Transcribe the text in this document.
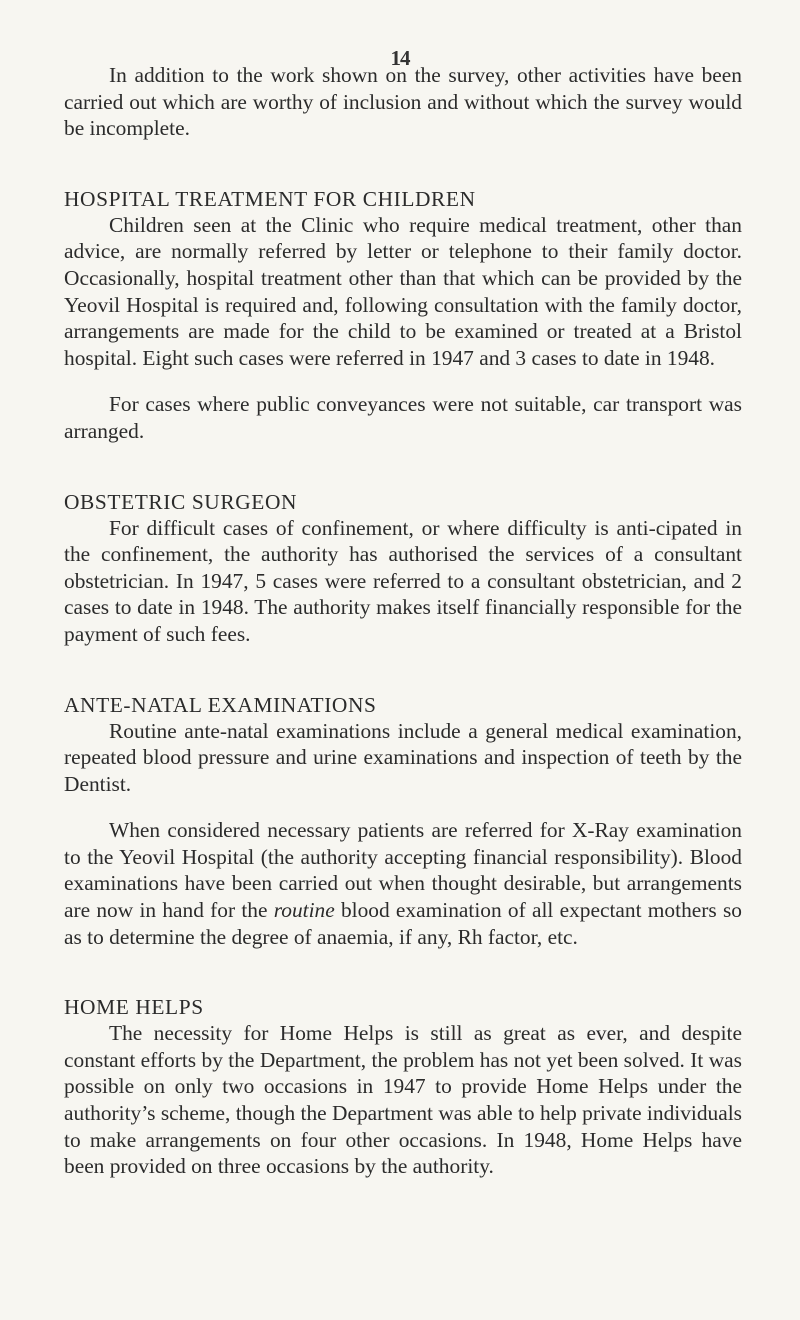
14

In addition to the work shown on the survey, other activities have been carried out which are worthy of inclusion and without which the survey would be incomplete.

HOSPITAL TREATMENT FOR CHILDREN

Children seen at the Clinic who require medical treatment, other than advice, are normally referred by letter or telephone to their family doctor. Occasionally, hospital treatment other than that which can be provided by the Yeovil Hospital is required and, following consultation with the family doctor, arrangements are made for the child to be examined or treated at a Bristol hospital. Eight such cases were referred in 1947 and 3 cases to date in 1948.

For cases where public conveyances were not suitable, car transport was arranged.

OBSTETRIC SURGEON

For difficult cases of confinement, or where difficulty is anti-cipated in the confinement, the authority has authorised the services of a consultant obstetrician. In 1947, 5 cases were referred to a consultant obstetrician, and 2 cases to date in 1948. The authority makes itself financially responsible for the payment of such fees.

ANTE-NATAL EXAMINATIONS

Routine ante-natal examinations include a general medical examination, repeated blood pressure and urine examinations and inspection of teeth by the Dentist.

When considered necessary patients are referred for X-Ray examination to the Yeovil Hospital (the authority accepting financial responsibility). Blood examinations have been carried out when thought desirable, but arrangements are now in hand for the routine blood examination of all expectant mothers so as to determine the degree of anaemia, if any, Rh factor, etc.

HOME HELPS

The necessity for Home Helps is still as great as ever, and despite constant efforts by the Department, the problem has not yet been solved. It was possible on only two occasions in 1947 to provide Home Helps under the authority’s scheme, though the Department was able to help private individuals to make arrangements on four other occasions. In 1948, Home Helps have been provided on three occasions by the authority.
